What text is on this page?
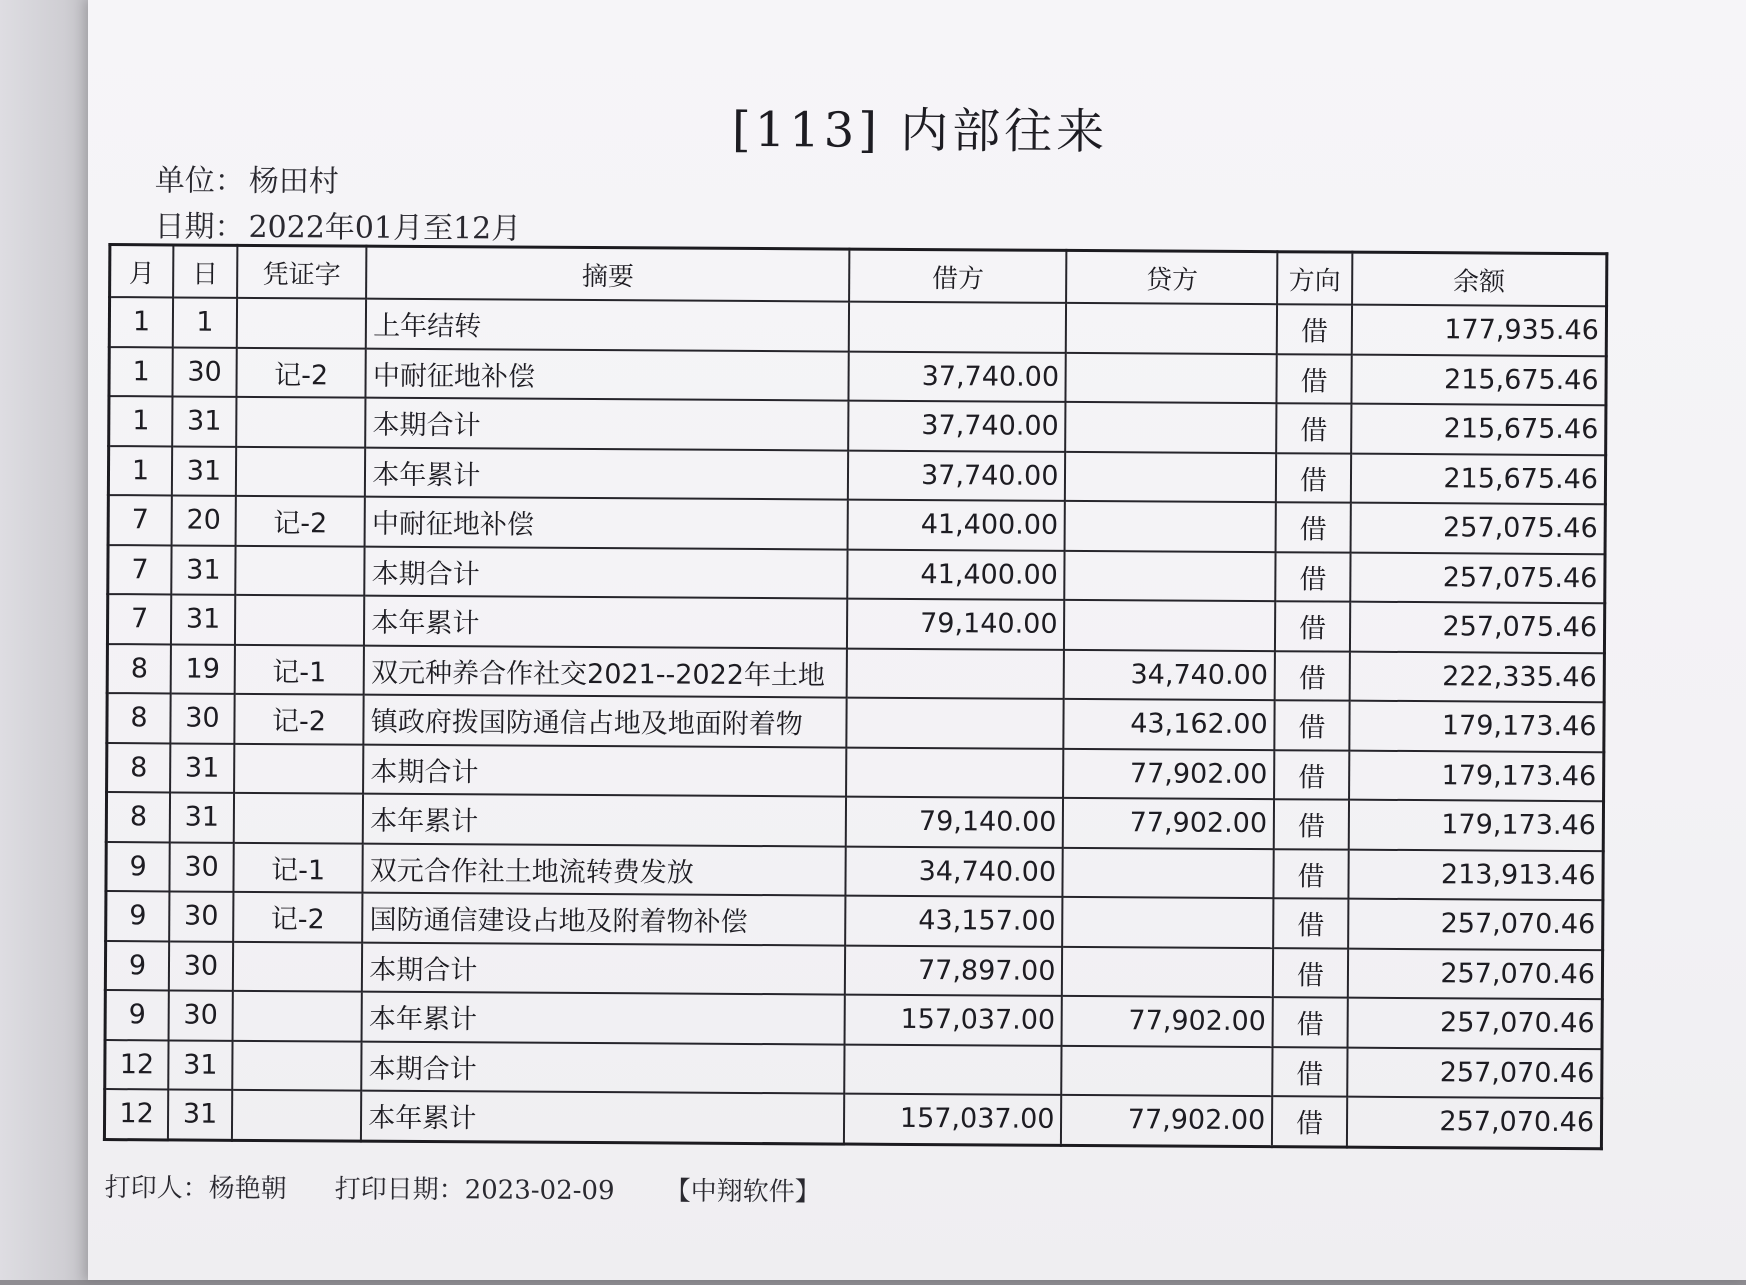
[113] 内部往来
单位： 杨田村
日期： 2022年01月至12月
月	日	凭证字	摘要	借方	贷方	方向	余额
1	1		上年结转			借	177,935.46
1	30	记-2	中耐征地补偿	37,740.00		借	215,675.46
1	31		本期合计	37,740.00		借	215,675.46
1	31		本年累计	37,740.00		借	215,675.46
7	20	记-2	中耐征地补偿	41,400.00		借	257,075.46
7	31		本期合计	41,400.00		借	257,075.46
7	31		本年累计	79,140.00		借	257,075.46
8	19	记-1	双元种养合作社交2021--2022年土地		34,740.00	借	222,335.46
8	30	记-2	镇政府拨国防通信占地及地面附着物		43,162.00	借	179,173.46
8	31		本期合计		77,902.00	借	179,173.46
8	31		本年累计	79,140.00	77,902.00	借	179,173.46
9	30	记-1	双元合作社土地流转费发放	34,740.00		借	213,913.46
9	30	记-2	国防通信建设占地及附着物补偿	43,157.00		借	257,070.46
9	30		本期合计	77,897.00		借	257,070.46
9	30		本年累计	157,037.00	77,902.00	借	257,070.46
12	31		本期合计			借	257,070.46
12	31		本年累计	157,037.00	77,902.00	借	257,070.46
打印人：杨艳朝 打印日期：2023-02-09 【中翔软件】
